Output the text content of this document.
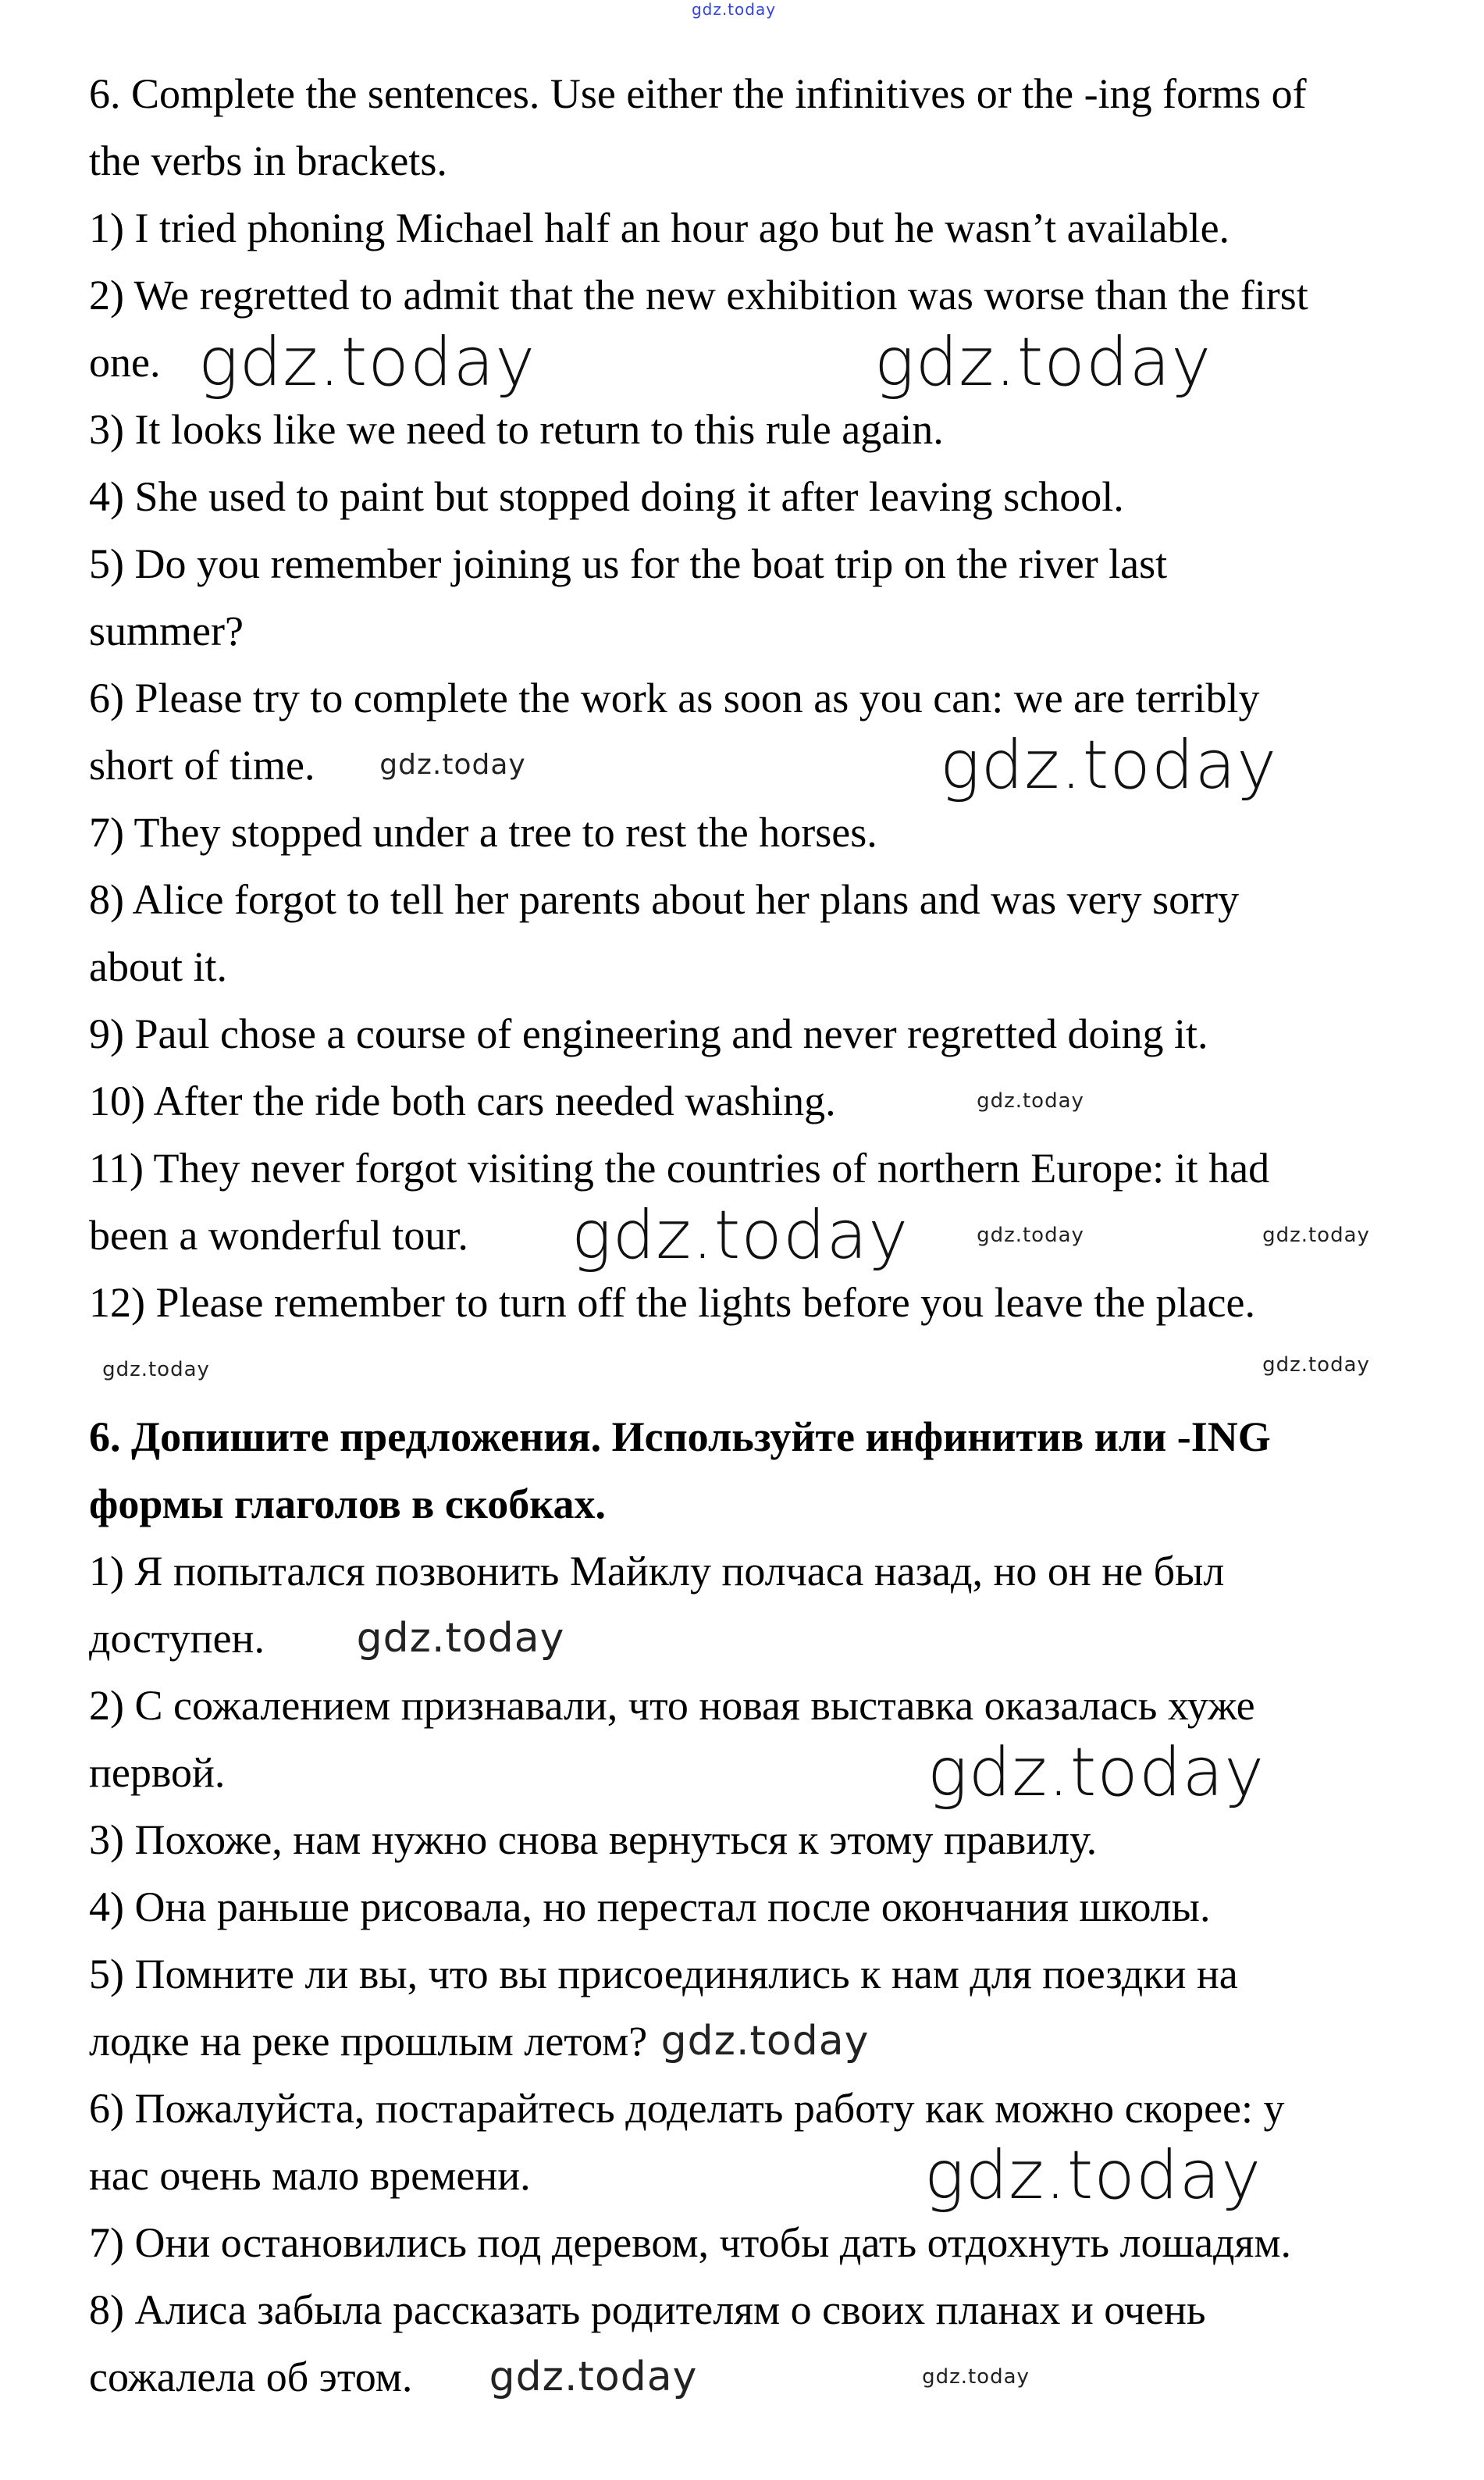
6. Complete the sentences. Use either the infinitives or the -ing forms of
the verbs in brackets.
1) I tried phoning Michael half an hour ago but he wasn’t available.
2) We regretted to admit that the new exhibition was worse than the first
one.
3) It looks like we need to return to this rule again.
4) She used to paint but stopped doing it after leaving school.
5) Do you remember joining us for the boat trip on the river last
summer?
6) Please try to complete the work as soon as you can: we are terribly
short of time.
7) They stopped under a tree to rest the horses.
8) Alice forgot to tell her parents about her plans and was very sorry
about it.
9) Paul chose a course of engineering and never regretted doing it.
10) After the ride both cars needed washing.
11) They never forgot visiting the countries of northern Europe: it had
been a wonderful tour.
12) Please remember to turn off the lights before you leave the place.
6. Допишите предложения. Используйте инфинитив или -ING
формы глаголов в скобках.
1) Я попытался позвонить Майклу полчаса назад, но он не был
доступен.
2) С сожалением признавали, что новая выставка оказалась хуже
первой.
3) Похоже, нам нужно снова вернуться к этому правилу.
4) Она раньше рисовала, но перестал после окончания школы.
5) Помните ли вы, что вы присоединялись к нам для поездки на
лодке на реке прошлым летом?
6) Пожалуйста, постарайтесь доделать работу как можно скорее: у
нас очень мало времени.
7) Они остановились под деревом, чтобы дать отдохнуть лошадям.
8) Алиса забыла рассказать родителям о своих планах и очень
сожалела об этом.
gdz.today
gdz.today	gdz.today
gdz.today	gdz.today
gdz.today
gdz.today	gdz.today
gdz.today
gdz.today
gdz.today
gdz.today
gdz.today
gdz.today
gdz.today
gdz.today
gdz.today
